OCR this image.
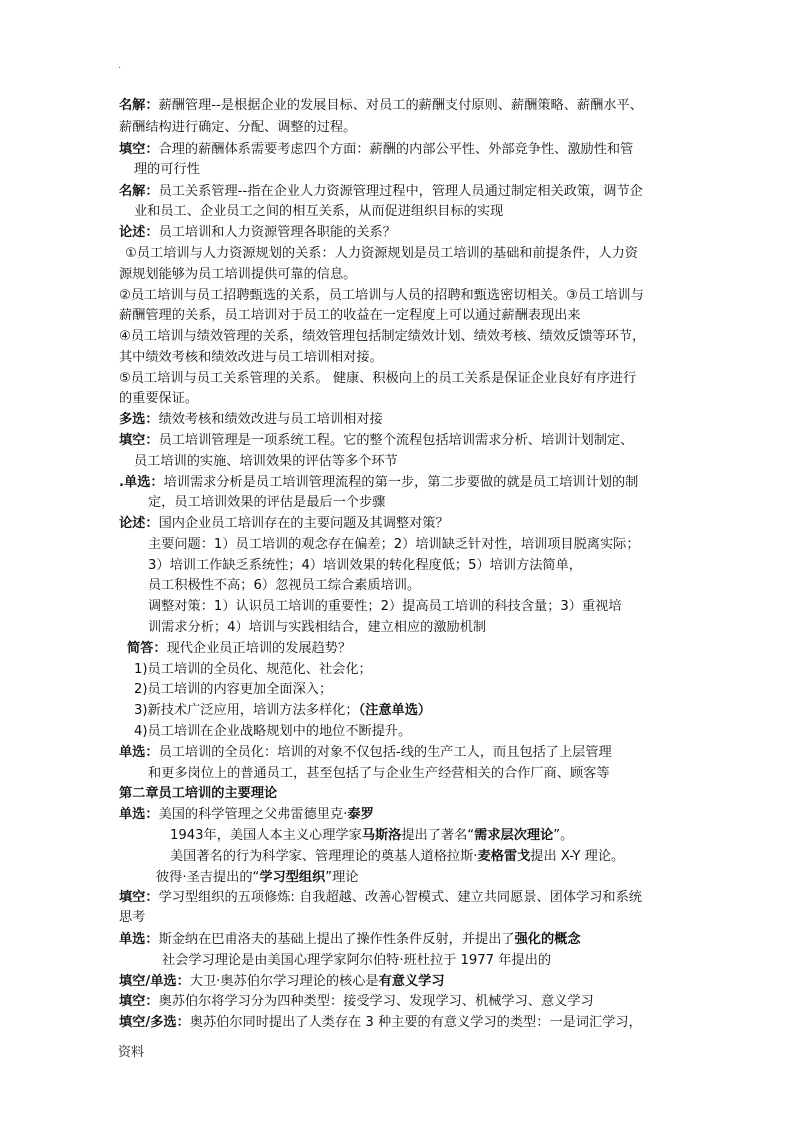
.
名解：薪酬管理--是根据企业的发展目标、对员工的薪酬支付原则、薪酬策略、薪酬水平、
薪酬结构进行确定、分配、调整的过程。
填空：合理的薪酬体系需要考虑四个方面：薪酬的内部公平性、外部竞争性、激励性和管
理的可行性
名解：员工关系管理--指在企业人力资源管理过程中，管理人员通过制定相关政策，调节企
业和员工、企业员工之间的相互关系，从而促进组织目标的实现
论述：员工培训和人力资源管理各职能的关系？
①员工培训与人力资源规划的关系：人力资源规划是员工培训的基础和前提条件，人力资
源规划能够为员工培训提供可靠的信息。
②员工培训与员工招聘甄选的关系，员工培训与人员的招聘和甄选密切相关。③员工培训与
薪酬管理的关系，员工培训对于员工的收益在一定程度上可以通过薪酬表现出来
④员工培训与绩效管理的关系，绩效管理包括制定绩效计划、绩效考核、绩效反馈等环节，
其中绩效考核和绩效改进与员工培训相对接。
⑤员工培训与员工关系管理的关系。 健康、积极向上的员工关系是保证企业良好有序进行
的重要保证。
多选：绩效考核和绩效改进与员工培训相对接
填空：员工培训管理是一项系统工程。它的整个流程包括培训需求分析、培训计划制定、
员工培训的实施、培训效果的评估等多个环节
.单选：培训需求分析是员工培训管理流程的第一步，第二步要做的就是员工培训计划的制
定，员工培训效果的评估是最后一个步骤
论述：国内企业员工培训存在的主要问题及其调整对策？
主要问题：1）员工培训的观念存在偏差；2）培训缺乏针对性，培训项目脱离实际；
3）培训工作缺乏系统性；4）培训效果的转化程度低；5）培训方法简单，
员工积极性不高；6）忽视员工综合素质培训。
调整对策：1）认识员工培训的重要性；2）提高员工培训的科技含量；3）重视培
训需求分析；4）培训与实践相结合，建立相应的激励机制
简答：现代企业员正培训的发展趋势？
1)员工培训的全员化、规范化、社会化；
2)员工培训的内容更加全面深入；
3)新技术广泛应用，培训方法多样化；（注意单选）
4)员工培训在企业战略规划中的地位不断提升。
单选：员工培训的全员化：培训的对象不仅包括-线的生产工人，而且包括了上层管理
和更多岗位上的普通员工，甚至包括了与企业生产经营相关的合作厂商、顾客等
第二章员工培训的主要理论
单选：美国的科学管理之父弗雷德里克·泰罗
1943年，美国人本主义心理学家马斯洛提出了著名“需求层次理论”。
美国著名的行为科学家、管理理论的奠基人道格拉斯·麦格雷戈提出 X-Y 理论。
彼得·圣吉提出的“学习型组织”理论
填空：学习型组织的五项修炼: 自我超越、改善心智模式、建立共同愿景、团体学习和系统
思考
单选：斯金纳在巴甫洛夫的基础上提出了操作性条件反射，并提出了强化的概念
社会学习理论是由美国心理学家阿尔伯特·班杜拉于 1977 年提出的
填空/单选：大卫·奥苏伯尔学习理论的核心是有意义学习
填空：奥苏伯尔将学习分为四种类型：接受学习、发现学习、机械学习、意义学习
填空/多选：奥苏伯尔同时提出了人类存在 3 种主要的有意义学习的类型：一是词汇学习，
资料
